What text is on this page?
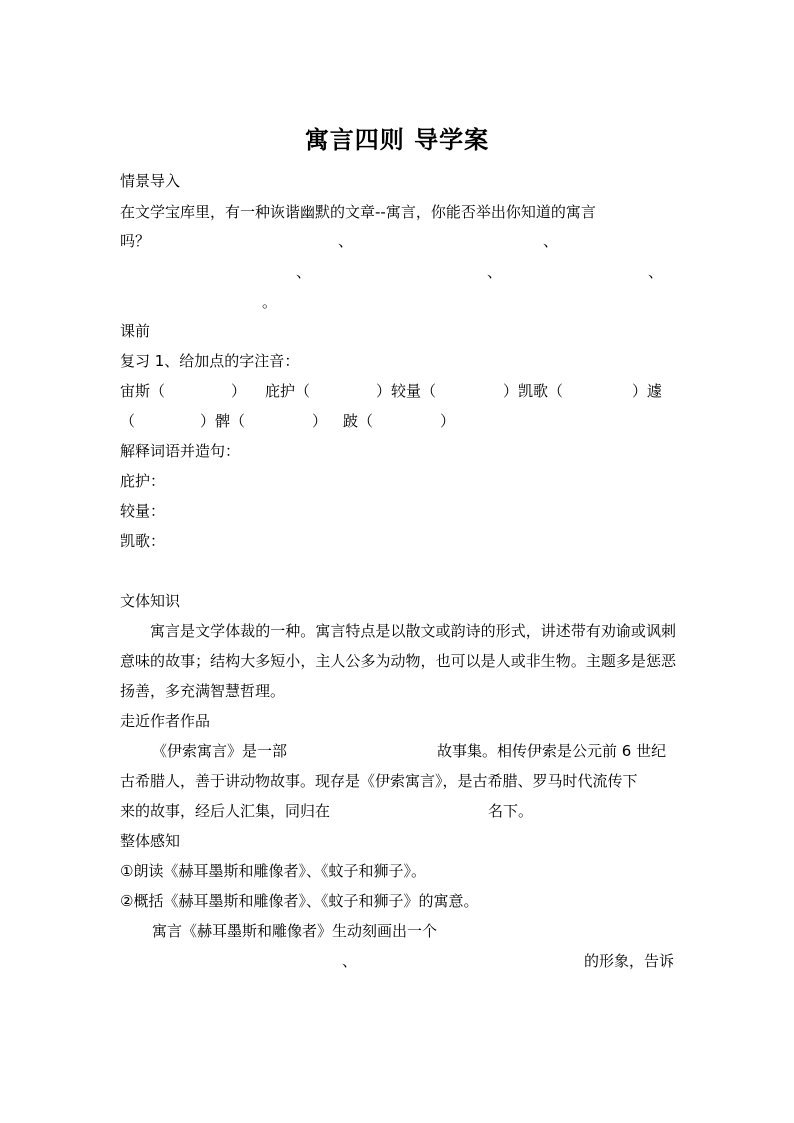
寓言四则 导学案
情景导入
在文学宝库里，有一种诙谐幽默的文章--寓言，你能否举出你知道的寓言
吗？	、	、
、	、	、
。
课前
复习 1、给加点的字注音：
宙斯（	） 庇护（	）较量（	）凯歌（	）遽
（	）髀（	） 跛（	）
解释词语并造句：
庇护：
较量：
凯歌：
文体知识
寓言是文学体裁的一种。寓言特点是以散文或韵诗的形式，讲述带有劝谕或讽刺意味的故事；结构大多短小，主人公多为动物，也可以是人或非生物。主题多是惩恶扬善，多充满智慧哲理。
走近作者作品
《伊索寓言》是一部	故事集。相传伊索是公元前 6 世纪
古希腊人，善于讲动物故事。现存是《伊索寓言》，是古希腊、罗马时代流传下
来的故事，经后人汇集，同归在	名下。
整体感知
①朗读《赫耳墨斯和雕像者》、《蚊子和狮子》。
②概括《赫耳墨斯和雕像者》、《蚊子和狮子》的寓意。
寓言《赫耳墨斯和雕像者》生动刻画出一个
、	的形象，告诉
